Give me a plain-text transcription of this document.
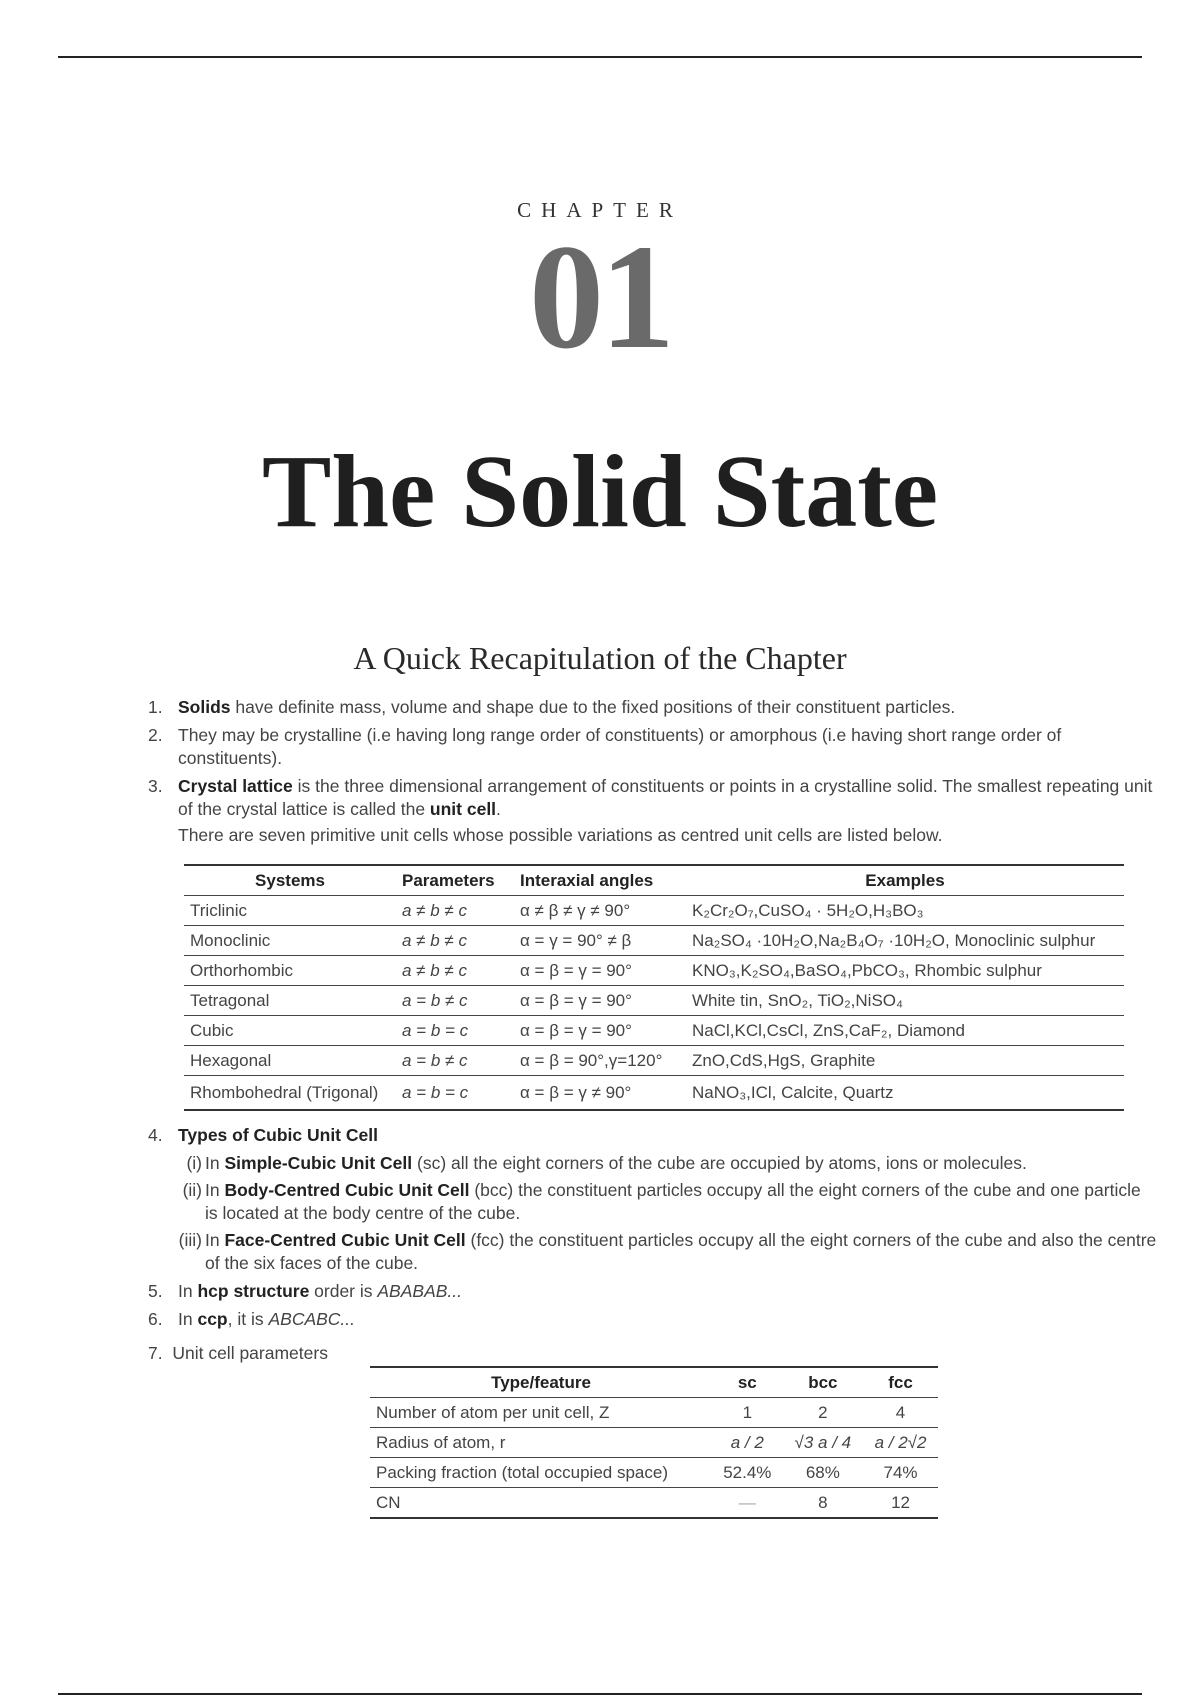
CHAPTER
01
The Solid State
A Quick Recapitulation of the Chapter
1. Solids have definite mass, volume and shape due to the fixed positions of their constituent particles.
2. They may be crystalline (i.e having long range order of constituents) or amorphous (i.e having short range order of constituents).
3. Crystal lattice is the three dimensional arrangement of constituents or points in a crystalline solid. The smallest repeating unit of the crystal lattice is called the unit cell.
There are seven primitive unit cells whose possible variations as centred unit cells are listed below.
Systems	Parameters	Interaxial angles	Examples
Triclinic	a ≠ b ≠ c	α ≠ β ≠ γ ≠ 90°	K₂Cr₂O₇,CuSO₄ · 5H₂O,H₃BO₃
Monoclinic	a ≠ b ≠ c	α = γ = 90° ≠ β	Na₂SO₄ ·10H₂O,Na₂B₄O₇ ·10H₂O, Monoclinic sulphur
Orthorhombic	a ≠ b ≠ c	α = β = γ = 90°	KNO₃,K₂SO₄,BaSO₄,PbCO₃, Rhombic sulphur
Tetragonal	a = b ≠ c	α = β = γ = 90°	White tin, SnO₂, TiO₂,NiSO₄
Cubic	a = b = c	α = β = γ = 90°	NaCl,KCl,CsCl, ZnS,CaF₂, Diamond
Hexagonal	a = b ≠ c	α = β = 90°,γ=120°	ZnO,CdS,HgS, Graphite
Rhombohedral (Trigonal)	a = b = c	α = β = γ ≠ 90°	NaNO₃,ICl, Calcite, Quartz
4. Types of Cubic Unit Cell
(i) In Simple-Cubic Unit Cell (sc) all the eight corners of the cube are occupied by atoms, ions or molecules.
(ii) In Body-Centred Cubic Unit Cell (bcc) the constituent particles occupy all the eight corners of the cube and one particle is located at the body centre of the cube.
(iii) In Face-Centred Cubic Unit Cell (fcc) the constituent particles occupy all the eight corners of the cube and also the centre of the six faces of the cube.
5. In hcp structure order is ABABAB...
6. In ccp, it is ABCABC...
7. Unit cell parameters
Type/feature	sc	bcc	fcc
Number of atom per unit cell, Z	1	2	4
Radius of atom, r	a / 2	√3 a / 4	a / 2√2
Packing fraction (total occupied space)	52.4%	68%	74%
CN	—	8	12
